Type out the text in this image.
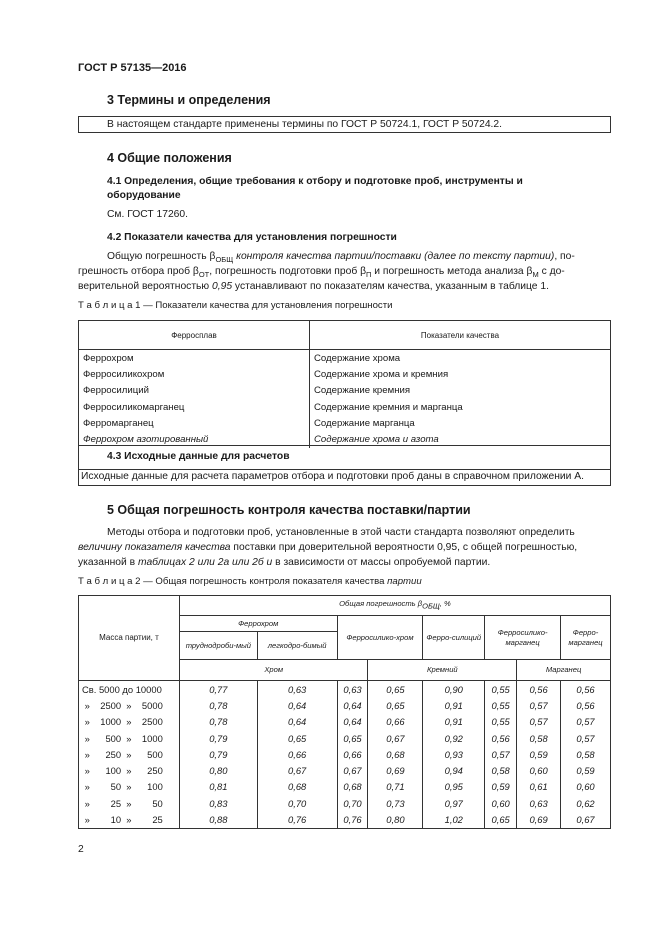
ГОСТ Р 57135—2016
3 Термины и определения
В настоящем стандарте применены термины по ГОСТ Р 50724.1, ГОСТ Р 50724.2.
4 Общие положения
4.1 Определения, общие требования к отбору и подготовке проб, инструменты и
оборудование
См. ГОСТ 17260.
4.2 Показатели качества для установления погрешности
Общую погрешность $\beta_{ОБЩ}$ контроля качества партии/поставки (далее по тексту партии), по-
грешность отбора проб $\beta_{ОТ}$, погрешность подготовки проб $\beta_П$ и погрешность метода анализа $\beta_М$ с до-
верительной вероятностью 0,95 устанавливают по показателям качества, указанным в таблице 1.
Т а б л и ц а 1 — Показатели качества для установления погрешности
Ферросплав	Показатели качества
Феррохром	Содержание хрома
Ферросиликохром	Содержание хрома и кремния
Ферросилиций	Содержание кремния
Ферросиликомарганец	Содержание кремния и марганца
Ферромарганец	Содержание марганца
Феррохром азотированный	Содержание хрома и азота
4.3 Исходные данные для расчетов
Исходные данные для расчета параметров отбора и подготовки проб даны в справочном приложении А.
5 Общая погрешность контроля качества поставки/партии
Методы отбора и подготовки проб, установленные в этой части стандарта позволяют определить
величину показателя качества поставки при доверительной вероятности 0,95, с общей погрешностью,
указанной в таблицах 2 или 2а или 2б и в зависимости от массы опробуемой партии.
Т а б л и ц а 2 — Общая погрешность контроля показателя качества партии
Масса партии, т	Общая погрешность $\beta_{ОБЩ}$, %							
	Феррохром		Ферросилико-хром		Ферро-силиций	Ферросилико-марганец		Ферро-марганец
	труднодроби-мый	легкодро-бимый						
	Хром			Кремний			Марганец	
Св. 5000 до 10000	0,77	0,63	0,63	0,65	0,90	0,55	0,56	0,56
»    2500  »    5000	0,78	0,64	0,64	0,65	0,91	0,55	0,57	0,56
»    1000  »    2500	0,78	0,64	0,64	0,66	0,91	0,55	0,57	0,57
»      500  »    1000	0,79	0,65	0,65	0,67	0,92	0,56	0,58	0,57
»      250  »      500	0,79	0,66	0,66	0,68	0,93	0,57	0,59	0,58
»      100  »      250	0,80	0,67	0,67	0,69	0,94	0,58	0,60	0,59
»        50  »      100	0,81	0,68	0,68	0,71	0,95	0,59	0,61	0,60
»        25  »        50	0,83	0,70	0,70	0,73	0,97	0,60	0,63	0,62
»        10  »        25	0,88	0,76	0,76	0,80	1,02	0,65	0,69	0,67
2
